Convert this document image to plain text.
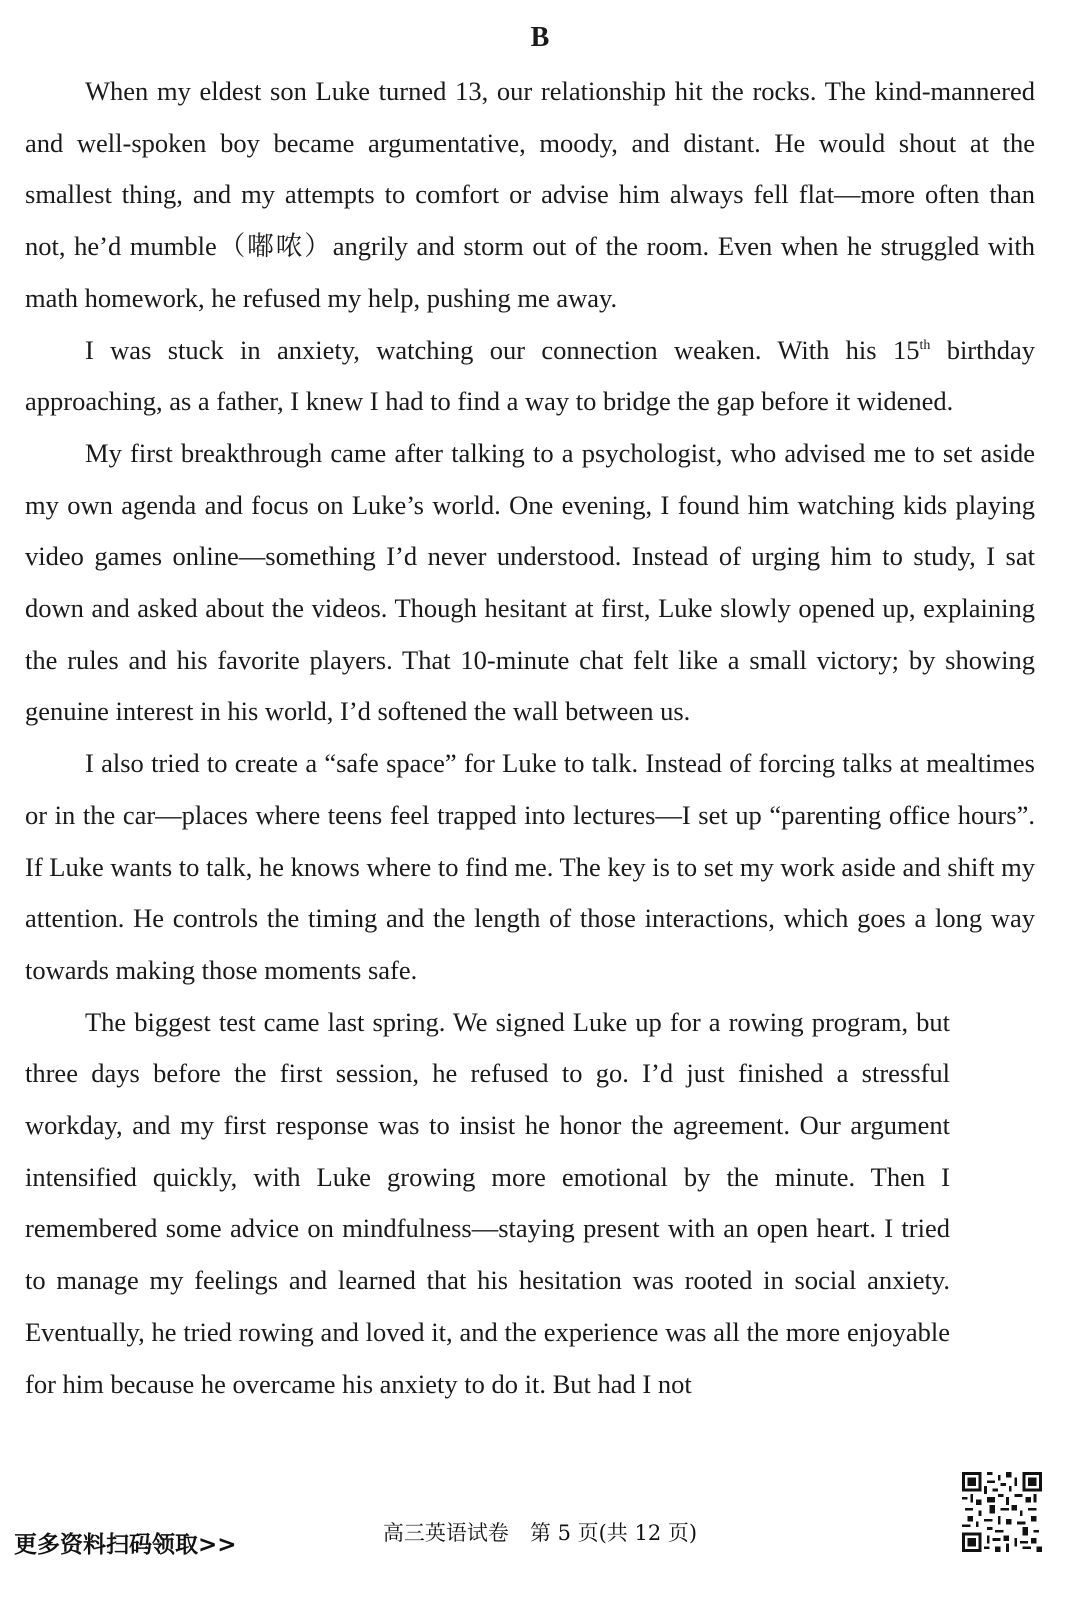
B

When my eldest son Luke turned 13, our relationship hit the rocks. The kind-mannered and well-spoken boy became argumentative, moody, and distant. He would shout at the smallest thing, and my attempts to comfort or advise him always fell flat—more often than not, he’d mumble（嘟哝）angrily and storm out of the room. Even when he struggled with math homework, he refused my help, pushing me away.

I was stuck in anxiety, watching our connection weaken. With his 15th birthday approaching, as a father, I knew I had to find a way to bridge the gap before it widened.

My first breakthrough came after talking to a psychologist, who advised me to set aside my own agenda and focus on Luke’s world. One evening, I found him watching kids playing video games online—something I’d never understood. Instead of urging him to study, I sat down and asked about the videos. Though hesitant at first, Luke slowly opened up, explaining the rules and his favorite players. That 10-minute chat felt like a small victory; by showing genuine interest in his world, I’d softened the wall between us.

I also tried to create a “safe space” for Luke to talk. Instead of forcing talks at mealtimes or in the car—places where teens feel trapped into lectures—I set up “parenting office hours”. If Luke wants to talk, he knows where to find me. The key is to set my work aside and shift my attention. He controls the timing and the length of those interactions, which goes a long way towards making those moments safe.

The biggest test came last spring. We signed Luke up for a rowing program, but three days before the first session, he refused to go. I’d just finished a stressful workday, and my first response was to insist he honor the agreement. Our argument intensified quickly, with Luke growing more emotional by the minute. Then I remembered some advice on mindfulness—staying present with an open heart. I tried to manage my feelings and learned that his hesitation was rooted in social anxiety. Eventually, he tried rowing and loved it, and the experience was all the more enjoyable for him because he overcame his anxiety to do it. But had I not

更多资料扫码领取>>	高三英语试卷　第 5 页(共 12 页)
